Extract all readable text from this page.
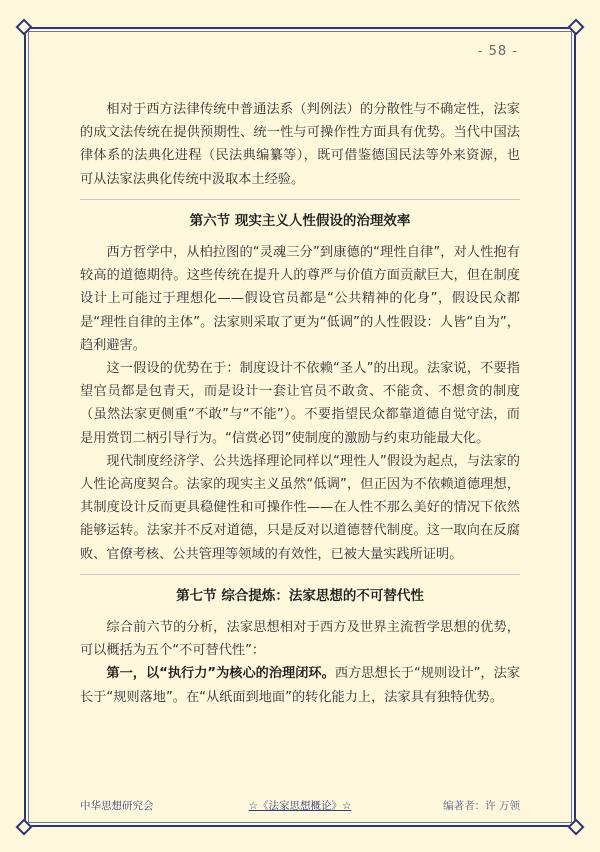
- 58 -

相对于西方法律传统中普通法系（判例法）的分散性与不确定性，法家的成文法传统在提供预期性、统一性与可操作性方面具有优势。当代中国法律体系的法典化进程（民法典编纂等），既可借鉴德国民法等外来资源，也可从法家法典化传统中汲取本土经验。

第六节 现实主义人性假设的治理效率

西方哲学中，从柏拉图的“灵魂三分”到康德的“理性自律”，对人性抱有较高的道德期待。这些传统在提升人的尊严与价值方面贡献巨大，但在制度设计上可能过于理想化——假设官员都是“公共精神的化身”，假设民众都是“理性自律的主体”。法家则采取了更为“低调”的人性假设：人皆“自为”，趋利避害。

这一假设的优势在于：制度设计不依赖“圣人”的出现。法家说，不要指望官员都是包青天，而是设计一套让官员不敢贪、不能贪、不想贪的制度（虽然法家更侧重“不敢”与“不能”）。不要指望民众都靠道德自觉守法，而是用赏罚二柄引导行为。“信赏必罚”使制度的激励与约束功能最大化。

现代制度经济学、公共选择理论同样以“理性人”假设为起点，与法家的人性论高度契合。法家的现实主义虽然“低调”，但正因为不依赖道德理想，其制度设计反而更具稳健性和可操作性——在人性不那么美好的情况下依然能够运转。法家并不反对道德，只是反对以道德替代制度。这一取向在反腐败、官僚考核、公共管理等领域的有效性，已被大量实践所证明。

第七节 综合提炼：法家思想的不可替代性

综合前六节的分析，法家思想相对于西方及世界主流哲学思想的优势，可以概括为五个“不可替代性”：

第一，以“执行力”为核心的治理闭环。西方思想长于“规则设计”，法家长于“规则落地”。在“从纸面到地面”的转化能力上，法家具有独特优势。

中华思想研究会	☆《法家思想概论》☆	编著者：许 万领
